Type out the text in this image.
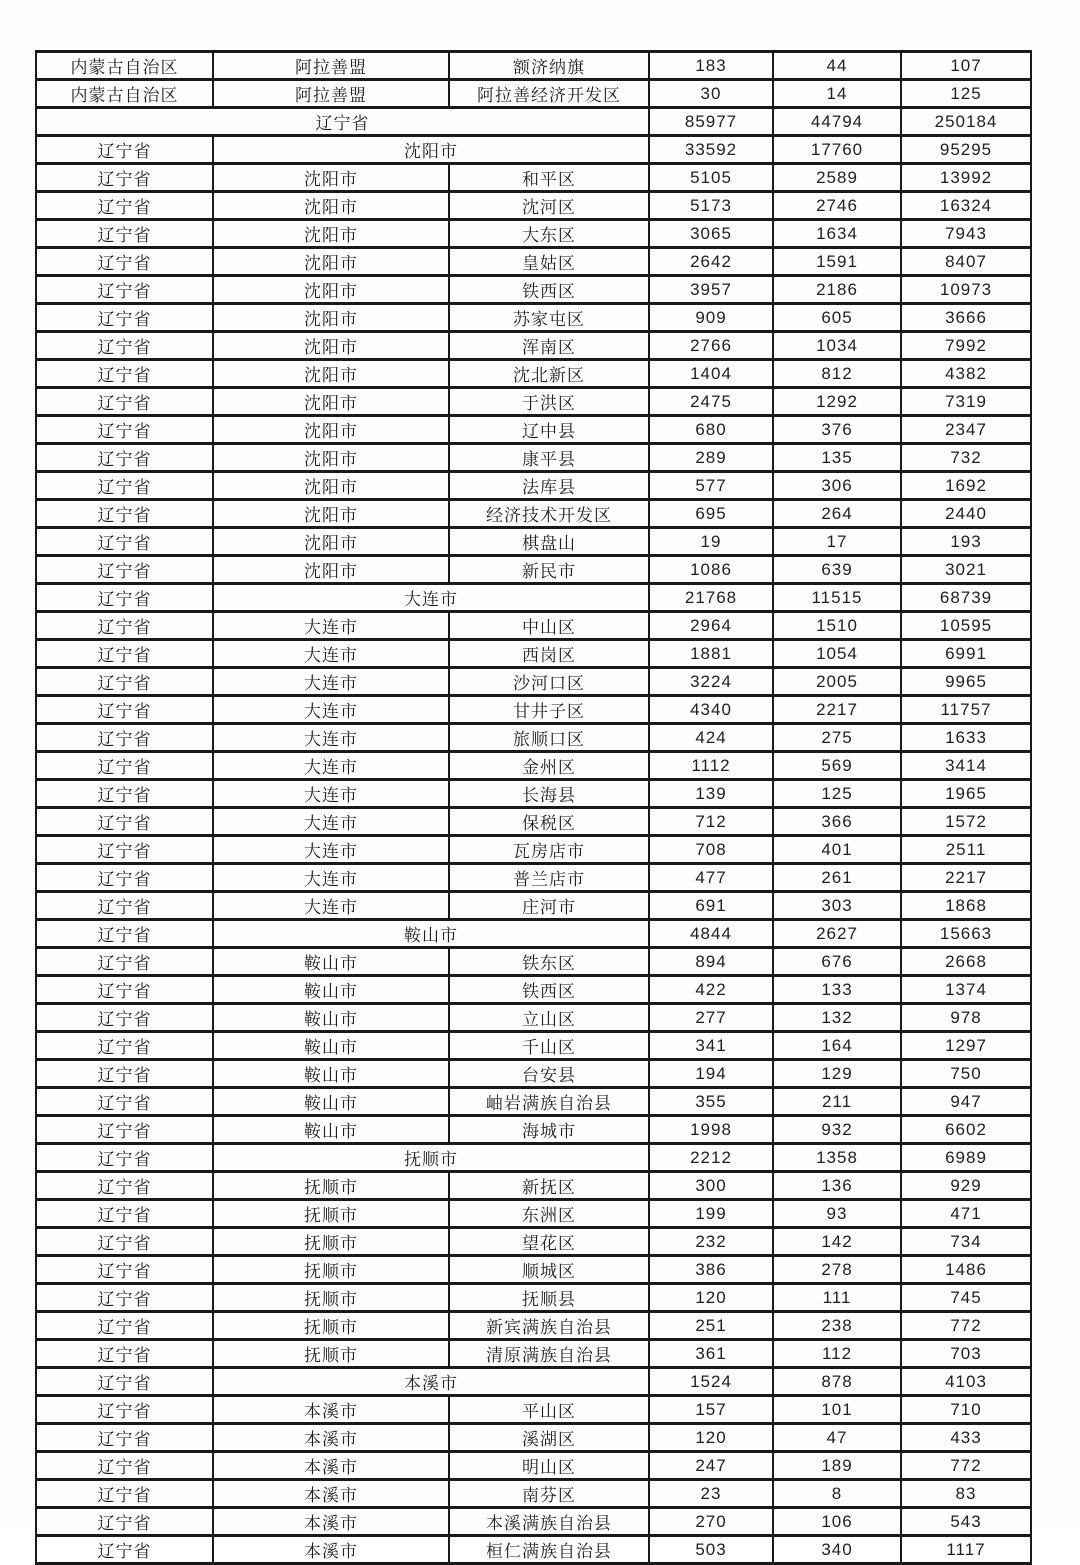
内蒙古自治区	阿拉善盟	额济纳旗	183	44	107
内蒙古自治区	阿拉善盟	阿拉善经济开发区	30	14	125
辽宁省			85977	44794	250184
辽宁省	沈阳市		33592	17760	95295
辽宁省	沈阳市	和平区	5105	2589	13992
辽宁省	沈阳市	沈河区	5173	2746	16324
辽宁省	沈阳市	大东区	3065	1634	7943
辽宁省	沈阳市	皇姑区	2642	1591	8407
辽宁省	沈阳市	铁西区	3957	2186	10973
辽宁省	沈阳市	苏家屯区	909	605	3666
辽宁省	沈阳市	浑南区	2766	1034	7992
辽宁省	沈阳市	沈北新区	1404	812	4382
辽宁省	沈阳市	于洪区	2475	1292	7319
辽宁省	沈阳市	辽中县	680	376	2347
辽宁省	沈阳市	康平县	289	135	732
辽宁省	沈阳市	法库县	577	306	1692
辽宁省	沈阳市	经济技术开发区	695	264	2440
辽宁省	沈阳市	棋盘山	19	17	193
辽宁省	沈阳市	新民市	1086	639	3021
辽宁省	大连市		21768	11515	68739
辽宁省	大连市	中山区	2964	1510	10595
辽宁省	大连市	西岗区	1881	1054	6991
辽宁省	大连市	沙河口区	3224	2005	9965
辽宁省	大连市	甘井子区	4340	2217	11757
辽宁省	大连市	旅顺口区	424	275	1633
辽宁省	大连市	金州区	1112	569	3414
辽宁省	大连市	长海县	139	125	1965
辽宁省	大连市	保税区	712	366	1572
辽宁省	大连市	瓦房店市	708	401	2511
辽宁省	大连市	普兰店市	477	261	2217
辽宁省	大连市	庄河市	691	303	1868
辽宁省	鞍山市		4844	2627	15663
辽宁省	鞍山市	铁东区	894	676	2668
辽宁省	鞍山市	铁西区	422	133	1374
辽宁省	鞍山市	立山区	277	132	978
辽宁省	鞍山市	千山区	341	164	1297
辽宁省	鞍山市	台安县	194	129	750
辽宁省	鞍山市	岫岩满族自治县	355	211	947
辽宁省	鞍山市	海城市	1998	932	6602
辽宁省	抚顺市		2212	1358	6989
辽宁省	抚顺市	新抚区	300	136	929
辽宁省	抚顺市	东洲区	199	93	471
辽宁省	抚顺市	望花区	232	142	734
辽宁省	抚顺市	顺城区	386	278	1486
辽宁省	抚顺市	抚顺县	120	111	745
辽宁省	抚顺市	新宾满族自治县	251	238	772
辽宁省	抚顺市	清原满族自治县	361	112	703
辽宁省	本溪市		1524	878	4103
辽宁省	本溪市	平山区	157	101	710
辽宁省	本溪市	溪湖区	120	47	433
辽宁省	本溪市	明山区	247	189	772
辽宁省	本溪市	南芬区	23	8	83
辽宁省	本溪市	本溪满族自治县	270	106	543
辽宁省	本溪市	桓仁满族自治县	503	340	1117
